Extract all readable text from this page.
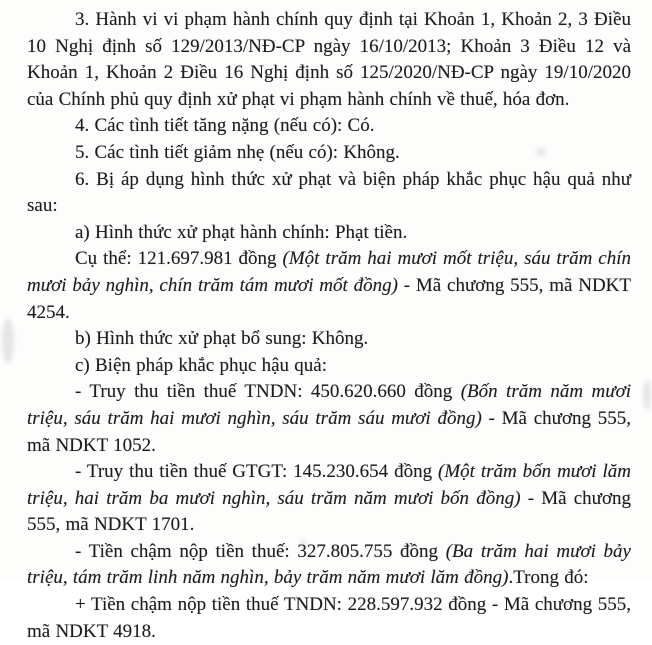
3. Hành vi vi phạm hành chính quy định tại Khoản 1, Khoản 2, 3 Điều 10 Nghị định số 129/2013/NĐ-CP ngày 16/10/2013; Khoản 3 Điều 12 và Khoản 1, Khoản 2 Điều 16 Nghị định số 125/2020/NĐ-CP ngày 19/10/2020 của Chính phủ quy định xử phạt vi phạm hành chính về thuế, hóa đơn.

4. Các tình tiết tăng nặng (nếu có): Có.

5. Các tình tiết giảm nhẹ (nếu có): Không.

6. Bị áp dụng hình thức xử phạt và biện pháp khắc phục hậu quả như sau:

a) Hình thức xử phạt hành chính: Phạt tiền.

Cụ thể: 121.697.981 đồng (Một trăm hai mươi mốt triệu, sáu trăm chín mươi bảy nghìn, chín trăm tám mươi mốt đồng) - Mã chương 555, mã NDKT 4254.

b) Hình thức xử phạt bổ sung: Không.

c) Biện pháp khắc phục hậu quả:

- Truy thu tiền thuế TNDN: 450.620.660 đồng (Bốn trăm năm mươi triệu, sáu trăm hai mươi nghìn, sáu trăm sáu mươi đồng) - Mã chương 555, mã NDKT 1052.

- Truy thu tiền thuế GTGT: 145.230.654 đồng (Một trăm bốn mươi lăm triệu, hai trăm ba mươi nghìn, sáu trăm năm mươi bốn đồng) - Mã chương 555, mã NDKT 1701.

- Tiền chậm nộp tiền thuế: 327.805.755 đồng (Ba trăm hai mươi bảy triệu, tám trăm linh năm nghìn, bảy trăm năm mươi lăm đồng).Trong đó:

+ Tiền chậm nộp tiền thuế TNDN: 228.597.932 đồng - Mã chương 555, mã NDKT 4918.
